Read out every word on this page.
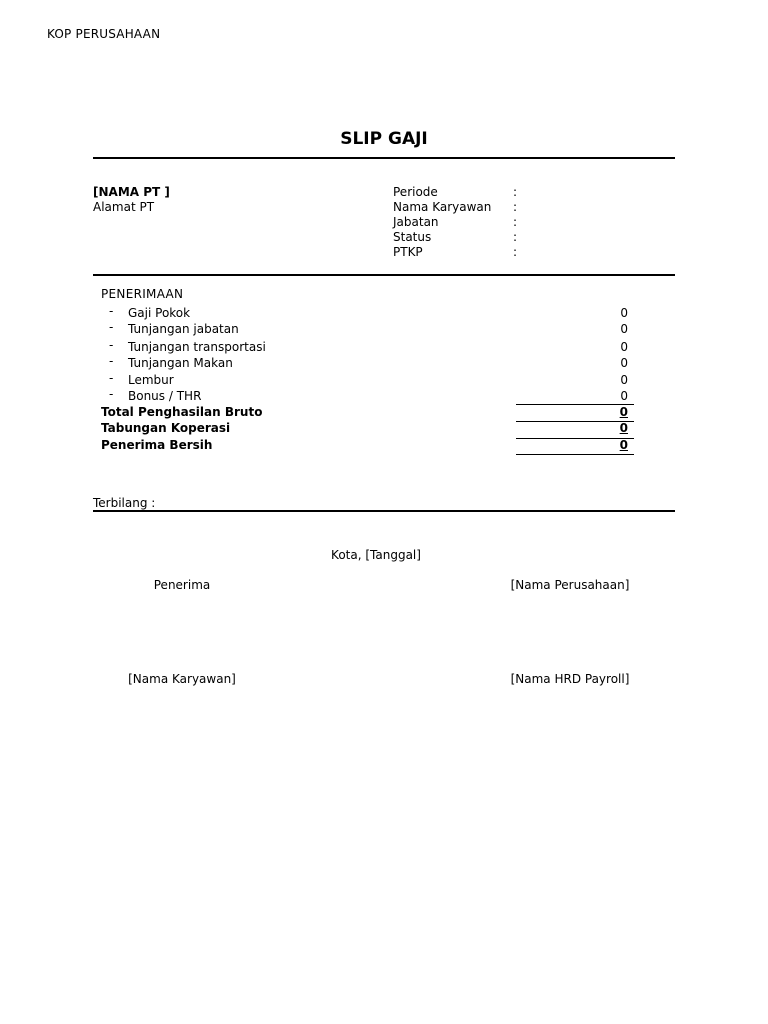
KOP PERUSAHAAN
SLIP GAJI
[NAMA PT ]
Alamat PT
Periode	:
Nama Karyawan :
Jabatan	:
Status	:
PTKP	:
PENERIMAAN
- Gaji Pokok	0
- Tunjangan jabatan	0
- Tunjangan transportasi	0
- Tunjangan Makan	0
- Lembur	0
- Bonus / THR	0
Total Penghasilan Bruto	0
Tabungan Koperasi	0
Penerima Bersih	0
Terbilang :
Kota, [Tanggal]
Penerima	[Nama Perusahaan]
[Nama Karyawan]	[Nama HRD Payroll]
